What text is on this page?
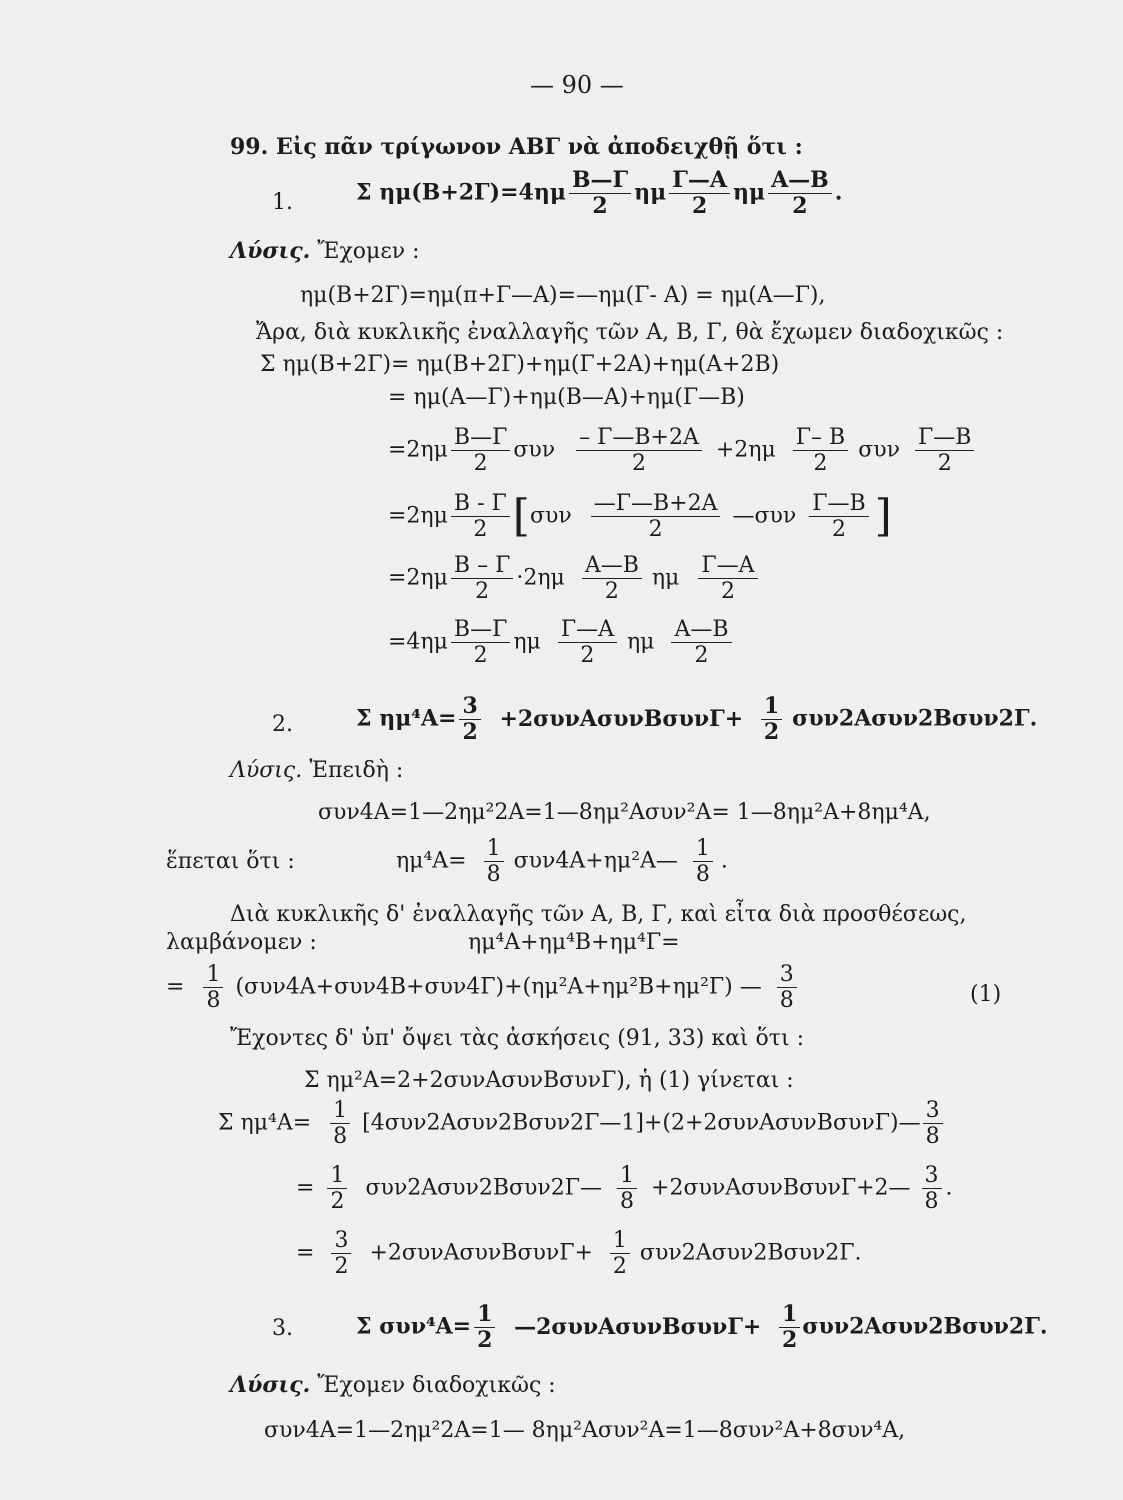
— 90 —
99. Εἰς πᾶν τρίγωνον ΑΒΓ νὰ ἀποδειχθῇ ὅτι :
1.	Σ $\eta\mu(B+2\Gamma)=4\eta\mu \frac{B—\Gamma}{2}$ ημ $\frac{\Gamma—A}{2}$ ημ $\frac{A—B}{2}$ .
Λύσις. Ἔχομεν :
ημ(Β+2Γ)=ημ(π+Γ—Α)=—ημ(Γ- Α) = ημ(Α—Γ),
Ἄρα, διὰ κυκλικῆς ἐναλλαγῆς τῶν Α, Β, Γ, θὰ ἔχωμεν διαδοχικῶς :
Σ ημ(Β+2Γ)= ημ(Β+2Γ)+ημ(Γ+2Α)+ημ(Α+2Β)
= ημ(Α—Γ)+ημ(Β—Α)+ημ(Γ—Β)
$=2\eta\mu \frac{B—\Gamma}{2}$ συν $\frac{- \Gamma—B+2A}{2} +2\eta\mu \frac{\Gamma- B}{2}$ συν $\frac{\Gamma—B}{2}$
$=2\eta\mu \frac{B - \Gamma}{2} [\sigma\upsilon\nu \frac{—\Gamma—B+2A}{2}$ —συν $\frac{\Gamma—B}{2}$ ]
$=2\eta\mu \frac{B - \Gamma}{2} \cdot 2\eta\mu \frac{A—B}{2}$ ημ $\frac{\Gamma—A}{2}$
$=4\eta\mu \frac{B—\Gamma}{2}$ ημ $\frac{\Gamma—A}{2}$ ημ $\frac{A—B}{2}$
2.	Σ $\eta\mu^4A= \frac{3}{2} +2\sigma\upsilon\nu A\sigma\upsilon\nu B\sigma\upsilon\nu\Gamma+ \frac{1}{2} \sigma\upsilon\nu 2A\sigma\upsilon\nu 2B\sigma\upsilon\nu 2\Gamma$.
Λύσις. Ἐπειδὴ :
συν4Α=1—2ημ²2Α=1—8ημ²Ασυν²Α= 1—8ημ²Α+8ημ⁴Α,
ἕπεται ὅτι :	$\eta\mu^4A= \frac{1}{8}$ συν4Α+ημ²Α— $\frac{1}{8}$ .
Διὰ κυκλικῆς δ' ἐναλλαγῆς τῶν Α, Β, Γ, καὶ εἶτα διὰ προσθέσεως,
λαμβάνομεν :	ημ⁴Α+ημ⁴Β+ημ⁴Γ=
= $\frac{1}{8} (\sigma\upsilon\nu 4A+\sigma\upsilon\nu 4B+\sigma\upsilon\nu 4\Gamma)+(\eta\mu^2A+\eta\mu^2B+\eta\mu^2\Gamma)$ — $\frac{3}{8}$	(1)
Ἔχοντες δ' ὑπ' ὄψει τὰς ἀσκήσεις (91, 33) καὶ ὅτι :
Σ ημ²Α=2+2συνΑσυνΒσυνΓ), ἡ (1) γίνεται :
Σ $\eta\mu^4A= \frac{1}{8}$ [4συν2Ασυν2Βσυν2Γ—1]+(2+2συνΑσυνΒσυνΓ)— $\frac{3}{8}$
= $\frac{1}{2}$ συν2Ασυν2Βσυν2Γ— $\frac{1}{8}$ +2συνΑσυνΒσυνΓ+2— $\frac{3}{8}$ .
= $\frac{3}{2} +2\sigma\upsilon\nu A\sigma\upsilon\nu B\sigma\upsilon\nu\Gamma+ \frac{1}{2} \sigma\upsilon\nu 2A\sigma\upsilon\nu 2B\sigma\upsilon\nu 2\Gamma$.
3.	Σ $\sigma\upsilon\nu^4A= \frac{1}{2}$ —2συνΑσυνΒσυνΓ+ $\frac{1}{2} \sigma\upsilon\nu 2A\sigma\upsilon\nu 2B\sigma\upsilon\nu 2\Gamma$.
Λύσις. Ἔχομεν διαδοχικῶς :
συν4Α=1—2ημ²2Α=1— 8ημ²Ασυν²Α=1—8συν²Α+8συν⁴Α,
